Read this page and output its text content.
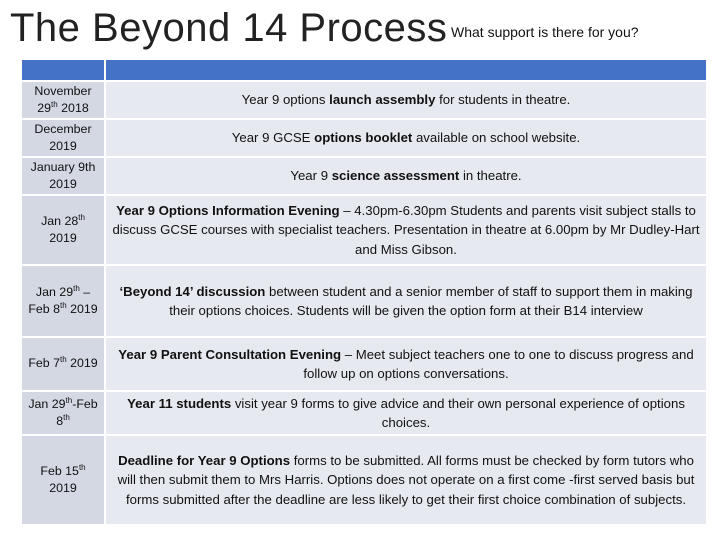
The Beyond 14 Process What support is there for you?
November
29th 2018
Year 9 options launch assembly for students in theatre.
December
2019
Year 9 GCSE options booklet available on school website.
January 9th
2019
Year 9 science assessment in theatre.
Jan 28th
2019
Year 9 Options Information Evening – 4.30pm-6.30pm Students and parents visit subject stalls to discuss GCSE courses with specialist teachers. Presentation in theatre at 6.00pm by Mr Dudley-Hart and Miss Gibson.
Jan 29th –
Feb 8th 2019
‘Beyond 14’ discussion between student and a senior member of staff to support them in making their options choices. Students will be given the option form at their B14 interview
Feb 7th 2019
Year 9 Parent Consultation Evening – Meet subject teachers one to one to discuss progress and follow up on options conversations.
Jan 29th-Feb
8th
Year 11 students visit year 9 forms to give advice and their own personal experience of options choices.
Feb 15th
2019
Deadline for Year 9 Options forms to be submitted. All forms must be checked by form tutors who will then submit them to Mrs Harris. Options does not operate on a first come -first served basis but forms submitted after the deadline are less likely to get their first choice combination of subjects.
